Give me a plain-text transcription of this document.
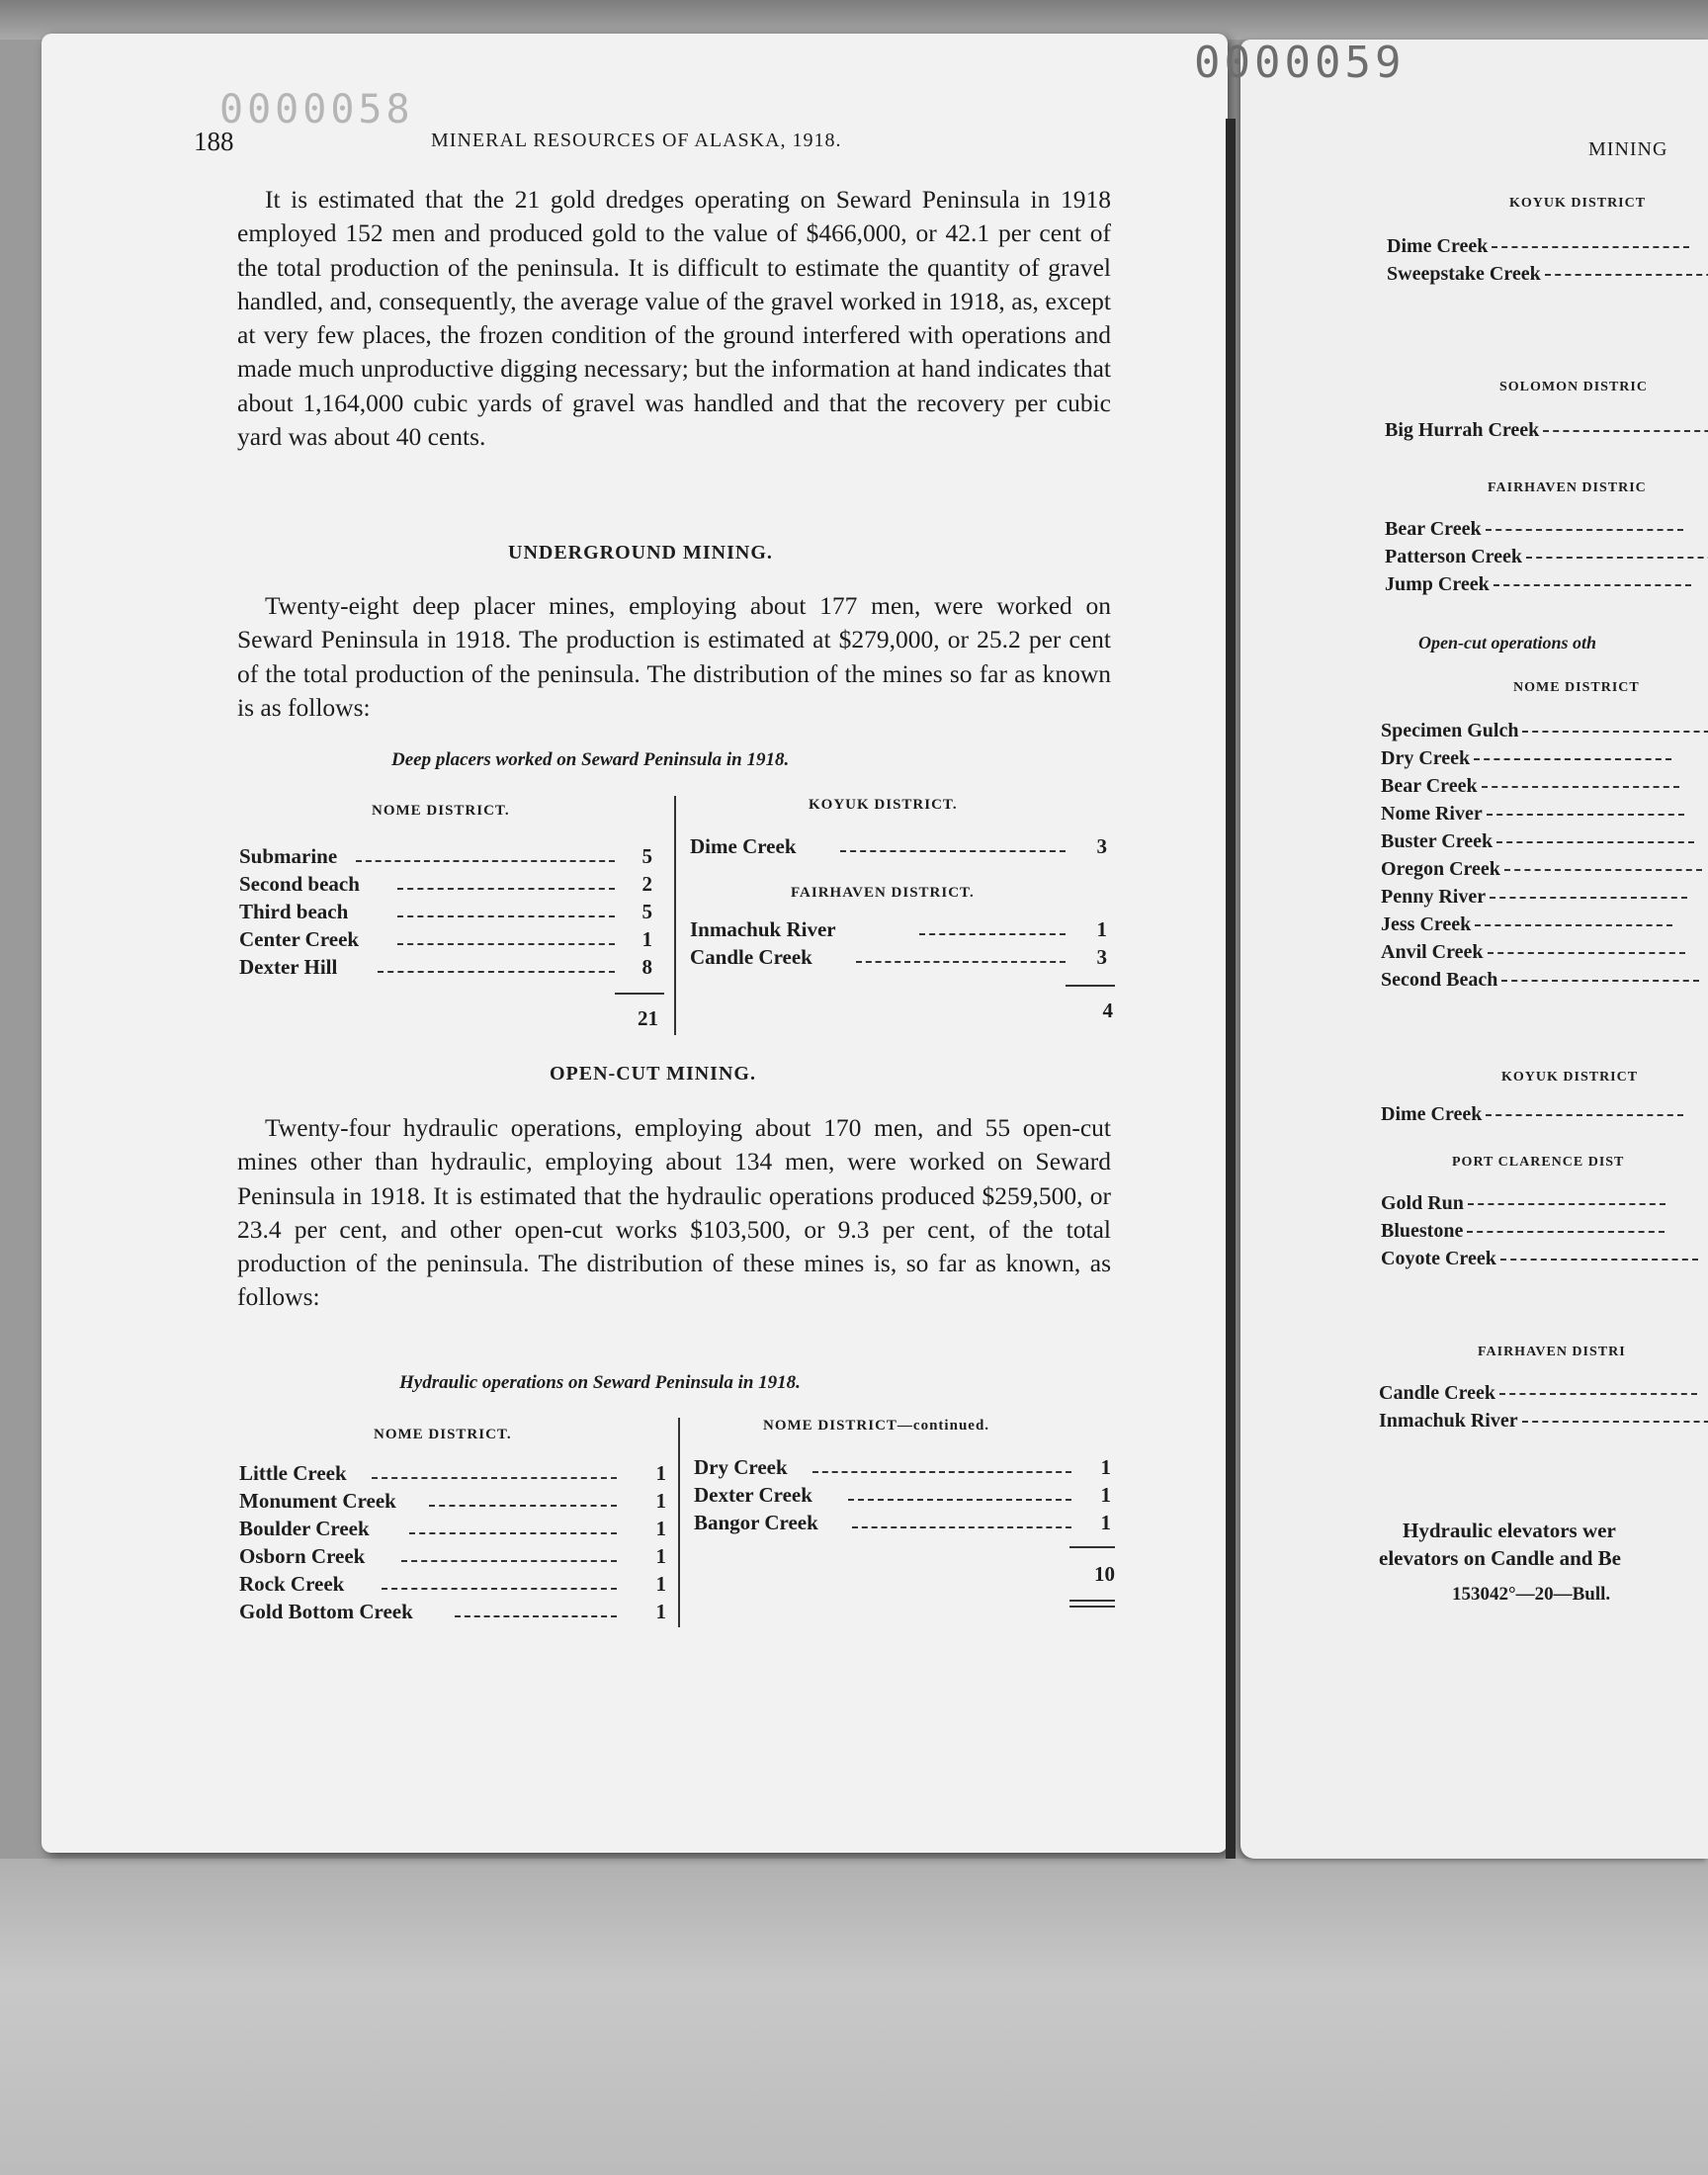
0000058
188	MINERAL RESOURCES OF ALASKA, 1918.

It is estimated that the 21 gold dredges operating on Seward Peninsula in 1918 employed 152 men and produced gold to the value of $466,000, or 42.1 per cent of the total production of the peninsula. It is difficult to estimate the quantity of gravel handled, and, consequently, the average value of the gravel worked in 1918, as, except at very few places, the frozen condition of the ground interfered with operations and made much unproductive digging necessary; but the information at hand indicates that about 1,164,000 cubic yards of gravel was handled and that the recovery per cubic yard was about 40 cents.

UNDERGROUND MINING.

Twenty-eight deep placer mines, employing about 177 men, were worked on Seward Peninsula in 1918. The production is estimated at $279,000, or 25.2 per cent of the total production of the peninsula. The distribution of the mines so far as known is as follows:

Deep placers worked on Seward Peninsula in 1918.
NOME DISTRICT.	KOYUK DISTRICT.
FAIRHAVEN DISTRICT.
Submarine	5
Second beach	2
Third beach	5
Center Creek	1
Dexter Hill	8
21
Dime Creek	3
Inmachuk River	1
Candle Creek	3
4
OPEN-CUT MINING.

Twenty-four hydraulic operations, employing about 170 men, and 55 open-cut mines other than hydraulic, employing about 134 men, were worked on Seward Peninsula in 1918. It is estimated that the hydraulic operations produced $259,500, or 23.4 per cent, and other open-cut works $103,500, or 9.3 per cent, of the total production of the peninsula. The distribution of these mines is, so far as known, as follows:

Hydraulic operations on Seward Peninsula in 1918.
NOME DISTRICT.
NOME DISTRICT—continued.
Little Creek	1
Monument Creek	1
Boulder Creek	1
Osborn Creek	1
Rock Creek	1
Gold Bottom Creek	1
Dry Creek	1
Dexter Creek	1
Bangor Creek	1
10
MINING
KOYUK DISTRICT
Dime Creek
Sweepstake Creek
SOLOMON DISTRIC
Big Hurrah Creek
FAIRHAVEN DISTRIC
Bear Creek
Patterson Creek
Jump Creek
Open-cut operations oth
NOME DISTRICT
Specimen Gulch
Dry Creek
Bear Creek
Nome River
Buster Creek
Oregon Creek
Penny River
Jess Creek
Anvil Creek
Second Beach
KOYUK DISTRICT
Dime Creek
PORT CLARENCE DIST
Gold Run
Bluestone
Coyote Creek
FAIRHAVEN DISTRI
Candle Creek
Inmachuk River
Hydraulic elevators wer
elevators on Candle and Be
153042°—20—Bull.
0000059
